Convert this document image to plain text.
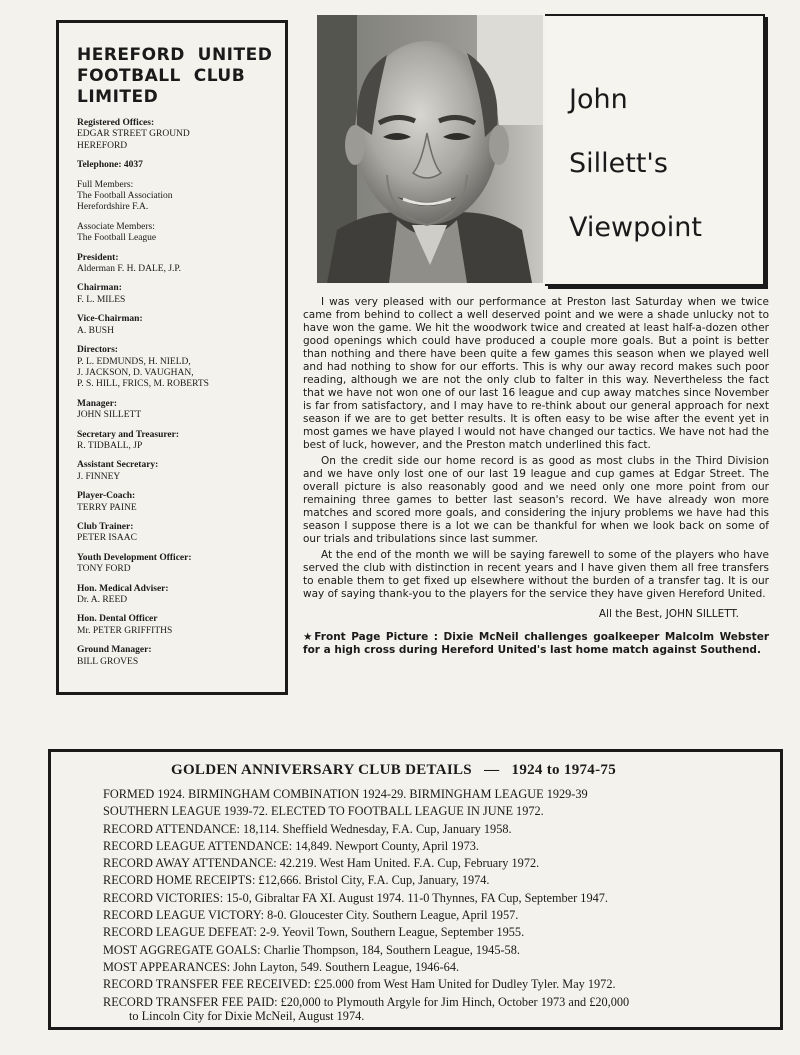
HEREFORD  UNITED
FOOTBALL  CLUB
LIMITED
Registered Offices:
EDGAR STREET GROUND
HEREFORD
Telephone: 4037
Full Members:
The Football Association
Herefordshire F.A.
Associate Members:
The Football League
President:
Alderman F. H. DALE, J.P.
Chairman:
F. L. MILES
Vice-Chairman:
A. BUSH
Directors:
P. L. EDMUNDS, H. NIELD,
J. JACKSON, D. VAUGHAN,
P. S. HILL, FRICS, M. ROBERTS
Manager:
JOHN SILLETT
Secretary and Treasurer:
R. TIDBALL, JP
Assistant Secretary:
J. FINNEY
Player-Coach:
TERRY PAINE
Club Trainer:
PETER ISAAC
Youth Development Officer:
TONY FORD
Hon. Medical Adviser:
Dr. A. REED
Hon. Dental Officer
Mr. PETER GRIFFITHS
Ground Manager:
BILL GROVES
John
Sillett's
Viewpoint

I was very pleased with our performance at Preston last Saturday when we twice came from behind to collect a well deserved point and we were a shade unlucky not to have won the game. We hit the woodwork twice and created at least half-a-dozen other good openings which could have produced a couple more goals. But a point is better than nothing and there have been quite a few games this season when we played well and had nothing to show for our efforts. This is why our away record makes such poor reading, although we are not the only club to falter in this way. Nevertheless the fact that we have not won one of our last 16 league and cup away matches since November is far from satisfactory, and I may have to re-think about our general approach for next season if we are to get better results. It is often easy to be wise after the event yet in most games we have played I would not have changed our tactics. We have not had the best of luck, however, and the Preston match underlined this fact.

On the credit side our home record is as good as most clubs in the Third Division and we have only lost one of our last 19 league and cup games at Edgar Street. The overall picture is also reasonably good and we need only one more point from our remaining three games to better last season's record. We have already won more matches and scored more goals, and considering the injury problems we have had this season I suppose there is a lot we can be thankful for when we look back on some of our trials and tribulations since last summer.

At the end of the month we will be saying farewell to some of the players who have served the club with distinction in recent years and I have given them all free transfers to enable them to get fixed up elsewhere without the burden of a transfer tag. It is our way of saying thank-you to the players for the service they have given Hereford United.

All the Best, JOHN SILLETT.
★Front Page Picture : Dixie McNeil challenges goalkeeper Malcolm Webster for a high cross during Hereford United's last home match against Southend.
GOLDEN ANNIVERSARY CLUB DETAILS   —   1924 to 1974-75
FORMED 1924. BIRMINGHAM COMBINATION 1924-29. BIRMINGHAM LEAGUE 1929-39
SOUTHERN LEAGUE 1939-72. ELECTED TO FOOTBALL LEAGUE IN JUNE 1972.
RECORD ATTENDANCE: 18,114. Sheffield Wednesday, F.A. Cup, January 1958.
RECORD LEAGUE ATTENDANCE: 14,849. Newport County, April 1973.
RECORD AWAY ATTENDANCE: 42.219. West Ham United. F.A. Cup, February 1972.
RECORD HOME RECEIPTS: £12,666. Bristol City, F.A. Cup, January, 1974.
RECORD VICTORIES: 15-0, Gibraltar FA XI. August 1974. 11-0 Thynnes, FA Cup, September 1947.
RECORD LEAGUE VICTORY: 8-0. Gloucester City. Southern League, April 1957.
RECORD LEAGUE DEFEAT: 2-9. Yeovil Town, Southern League, September 1955.
MOST AGGREGATE GOALS: Charlie Thompson, 184, Southern League, 1945-58.
MOST APPEARANCES: John Layton, 549. Southern League, 1946-64.
RECORD TRANSFER FEE RECEIVED: £25.000 from West Ham United for Dudley Tyler. May 1972.
RECORD TRANSFER FEE PAID: £20,000 to Plymouth Argyle for Jim Hinch, October 1973 and £20,000
to Lincoln City for Dixie McNeil, August 1974.
